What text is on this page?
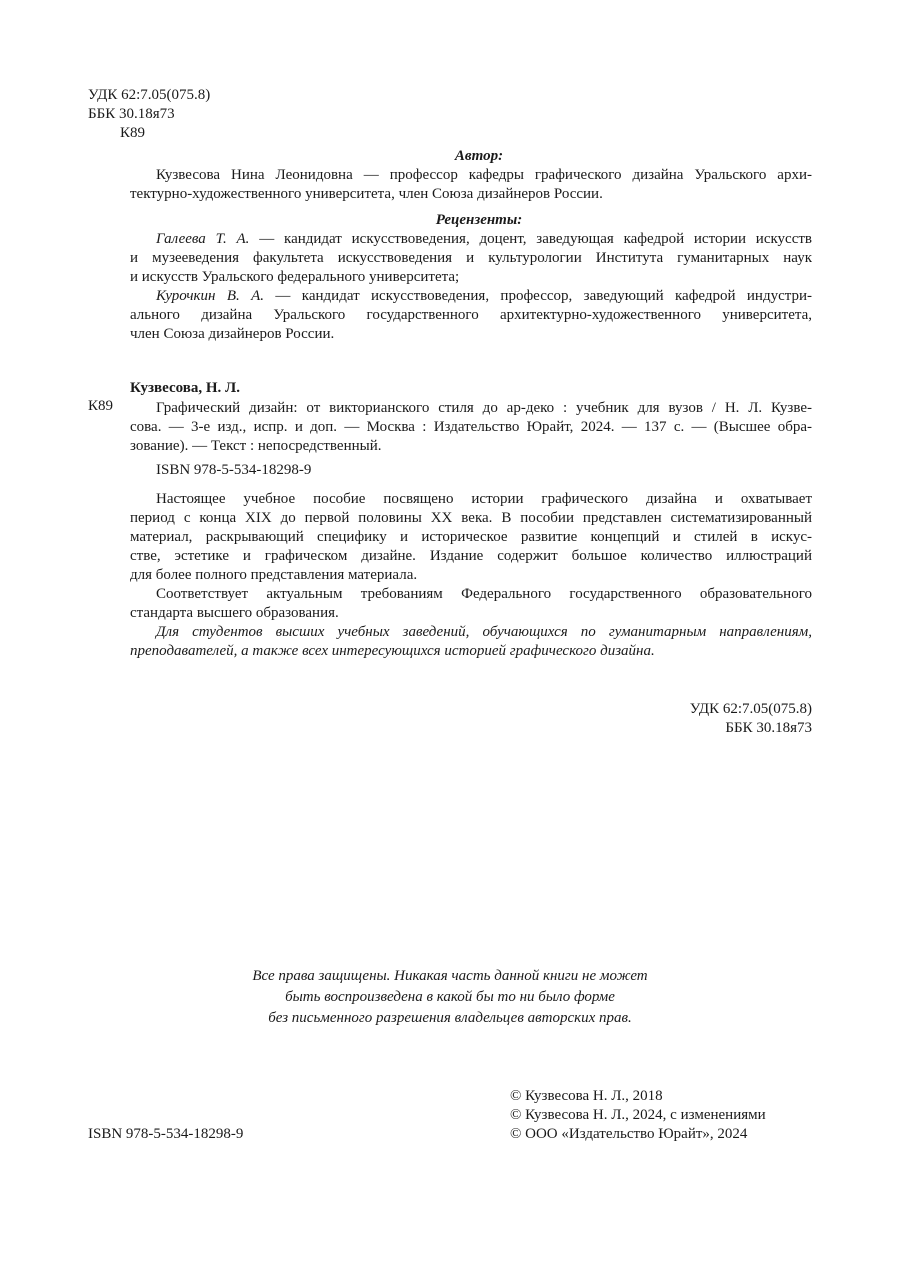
УДК 62:7.05(075.8)
ББК 30.18я73
К89
Автор:
Кузвесова Нина Леонидовна — профессор кафедры графического дизайна Уральского архи-
тектурно-художественного университета, член Союза дизайнеров России.
Рецензенты:
Галеева Т. А. — кандидат искусствоведения, доцент, заведующая кафедрой истории искусств
и музееведения факультета искусствоведения и культурологии Института гуманитарных наук
и искусств Уральского федерального университета;
Курочкин В. А. — кандидат искусствоведения, профессор, заведующий кафедрой индустри-
ального дизайна Уральского государственного архитектурно-художественного университета,
член Союза дизайнеров России.
Кузвесова, Н. Л.
К89	Графический дизайн: от викторианского стиля до ар-деко : учебник для вузов / Н. Л. Кузве-
сова. — 3-е изд., испр. и доп. — Москва : Издательство Юрайт, 2024. — 137 с. — (Высшее обра-
зование). — Текст : непосредственный.
ISBN 978-5-534-18298-9
Настоящее учебное пособие посвящено истории графического дизайна и охватывает
период с конца XIX до первой половины XX века. В пособии представлен систематизированный
материал, раскрывающий специфику и историческое развитие концепций и стилей в искус-
стве, эстетике и графическом дизайне. Издание содержит большое количество иллюстраций
для более полного представления материала.
Соответствует актуальным требованиям Федерального государственного образовательного
стандарта высшего образования.
Для студентов высших учебных заведений, обучающихся по гуманитарным направлениям,
преподавателей, а также всех интересующихся историей графического дизайна.
УДК 62:7.05(075.8)
ББК 30.18я73
Все права защищены. Никакая часть данной книги не может
быть воспроизведена в какой бы то ни было форме
без письменного разрешения владельцев авторских прав.
ISBN 978-5-534-18298-9
© Кузвесова Н. Л., 2018
© Кузвесова Н. Л., 2024, с изменениями
© ООО «Издательство Юрайт», 2024
